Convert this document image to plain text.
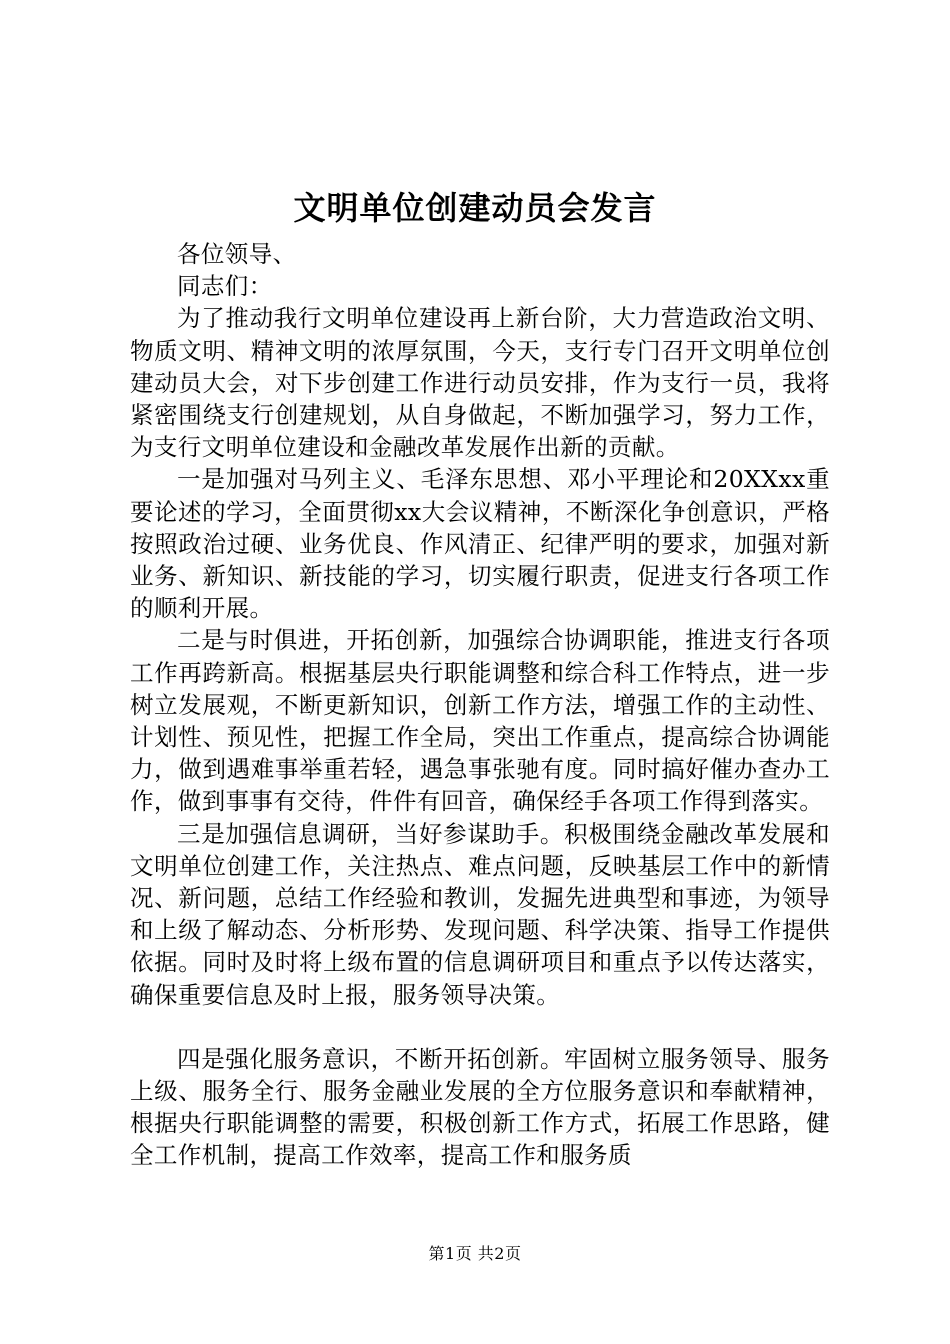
文明单位创建动员会发言

各位领导、

同志们：

为了推动我行文明单位建设再上新台阶，大力营造政治文明、物质文明、精神文明的浓厚氛围，今天，支行专门召开文明单位创建动员大会，对下步创建工作进行动员安排，作为支行一员，我将紧密围绕支行创建规划，从自身做起，不断加强学习，努力工作，为支行文明单位建设和金融改革发展作出新的贡献。

一是加强对马列主义、毛泽东思想、邓小平理论和20XXxx重要论述的学习，全面贯彻xx大会议精神，不断深化争创意识，严格按照政治过硬、业务优良、作风清正、纪律严明的要求，加强对新业务、新知识、新技能的学习，切实履行职责，促进支行各项工作的顺利开展。

二是与时俱进，开拓创新，加强综合协调职能，推进支行各项工作再跨新高。根据基层央行职能调整和综合科工作特点，进一步树立发展观，不断更新知识，创新工作方法，增强工作的主动性、计划性、预见性，把握工作全局，突出工作重点，提高综合协调能力，做到遇难事举重若轻，遇急事张驰有度。同时搞好催办查办工作，做到事事有交待，件件有回音，确保经手各项工作得到落实。

三是加强信息调研，当好参谋助手。积极围绕金融改革发展和文明单位创建工作，关注热点、难点问题，反映基层工作中的新情况、新问题，总结工作经验和教训，发掘先进典型和事迹，为领导和上级了解动态、分析形势、发现问题、科学决策、指导工作提供依据。同时及时将上级布置的信息调研项目和重点予以传达落实，确保重要信息及时上报，服务领导决策。

四是强化服务意识，不断开拓创新。牢固树立服务领导、服务上级、服务全行、服务金融业发展的全方位服务意识和奉献精神，根据央行职能调整的需要，积极创新工作方式，拓展工作思路，健全工作机制，提高工作效率，提高工作和服务质

第1页 共2页
